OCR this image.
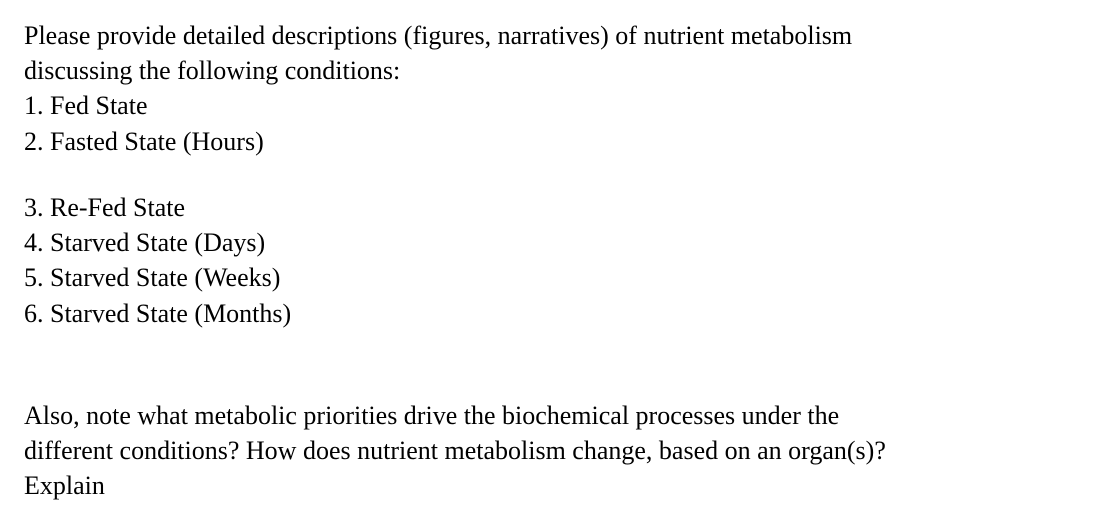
Please provide detailed descriptions (figures, narratives) of nutrient metabolism
discussing the following conditions:
1. Fed State
2. Fasted State (Hours)
3. Re-Fed State
4. Starved State (Days)
5. Starved State (Weeks)
6. Starved State (Months)
Also, note what metabolic priorities drive the biochemical processes under the
different conditions? How does nutrient metabolism change, based on an organ(s)?
Explain
